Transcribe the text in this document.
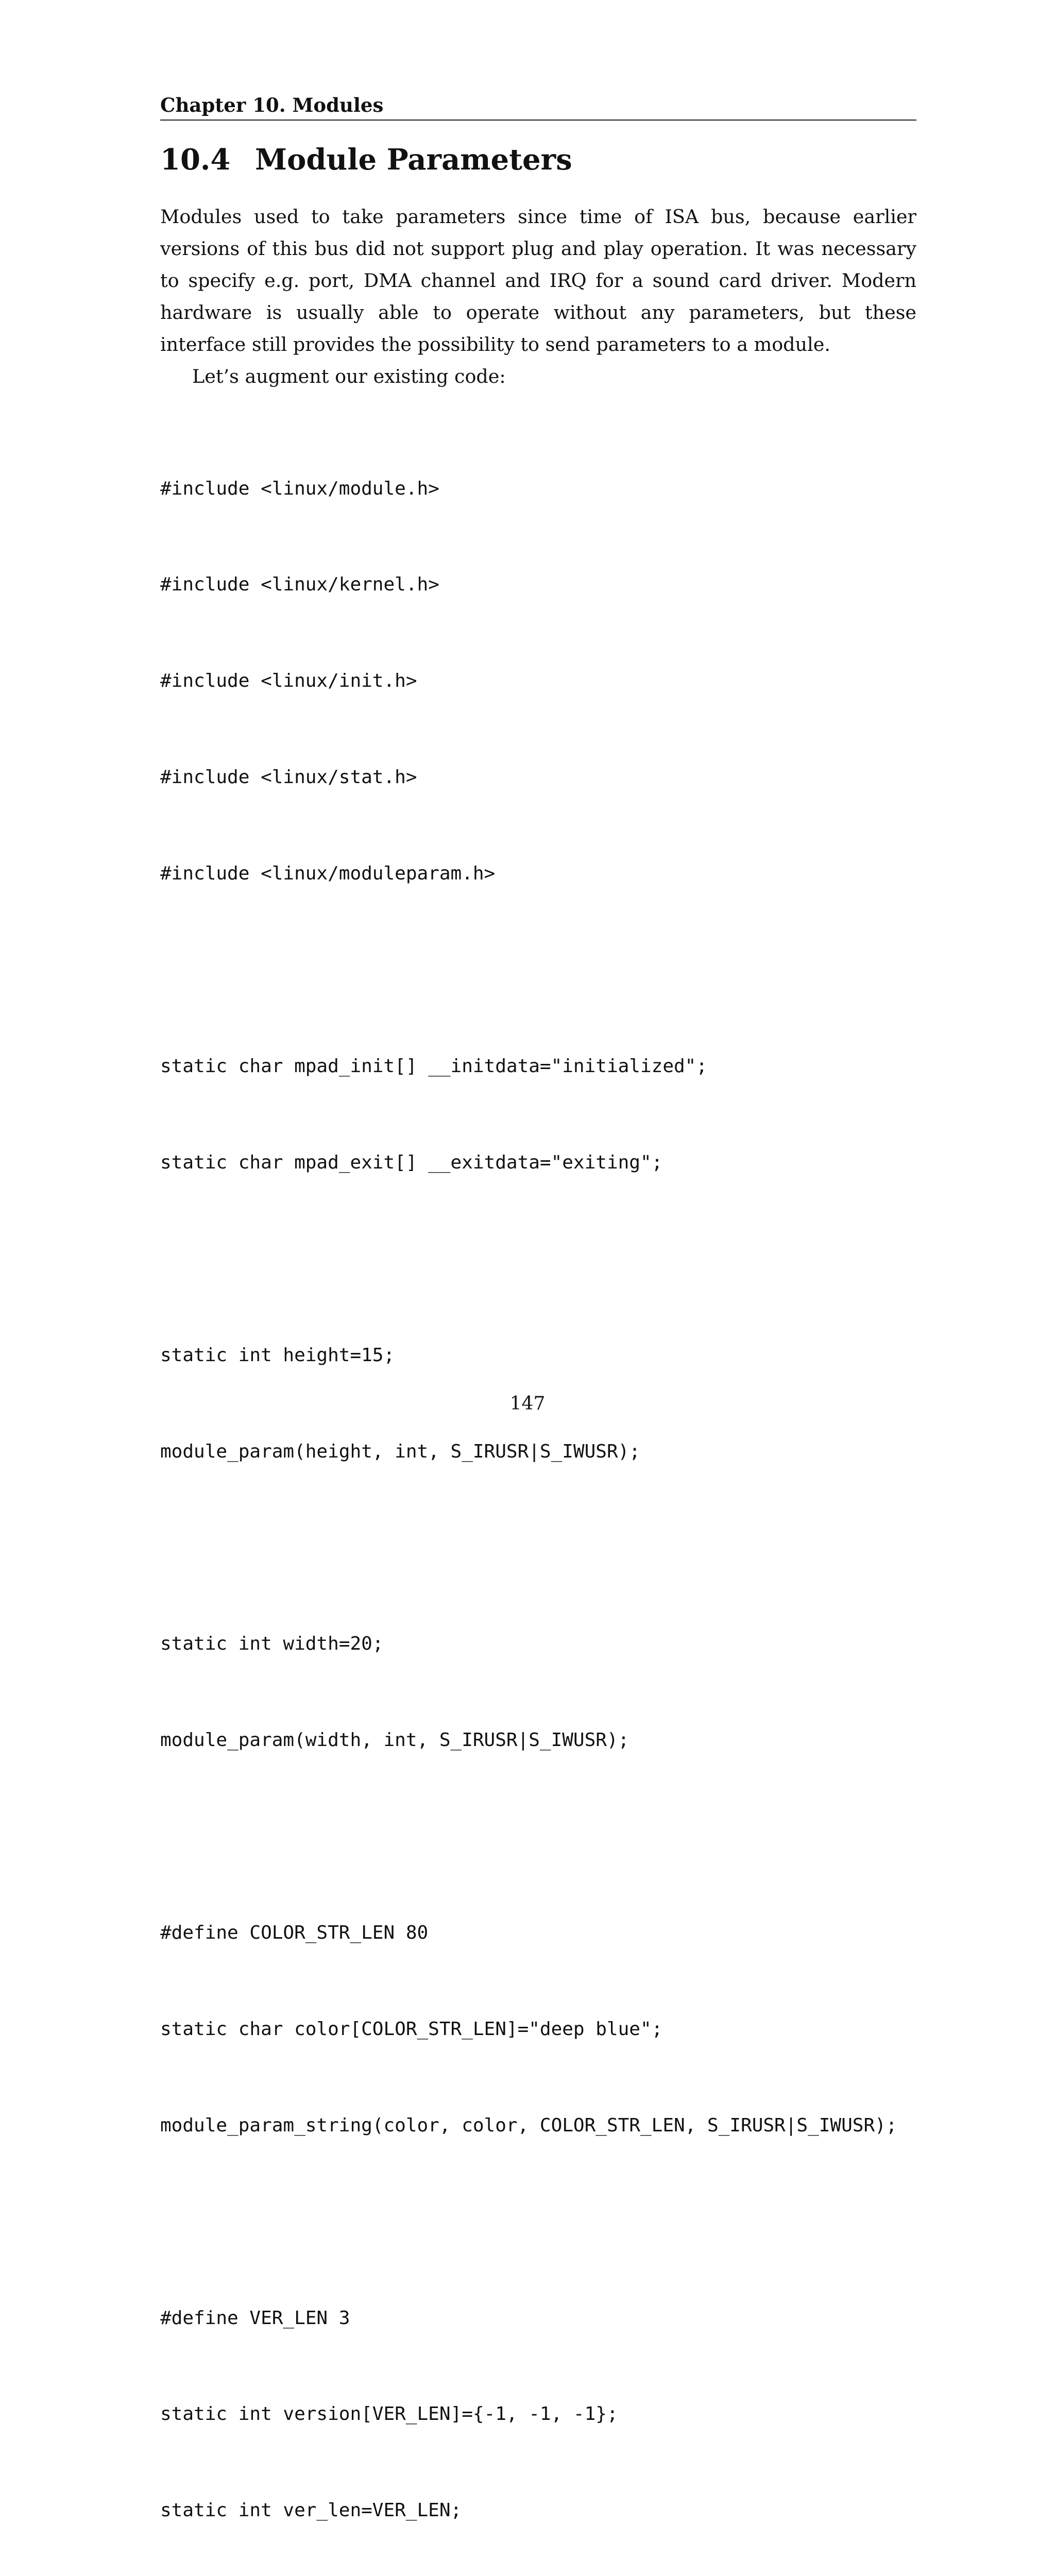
Chapter 10. Modules
10.4 Module Parameters

Modules used to take parameters since time of ISA bus, because earlier versions of this bus did not support plug and play operation. It was necessary to specify e.g. port, DMA channel and IRQ for a sound card driver. Modern hardware is usually able to operate without any parameters, but these interface still provides the possibility to send parameters to a module.

Let’s augment our existing code:

#include <linux/module.h>

#include <linux/kernel.h>

#include <linux/init.h>

#include <linux/stat.h>

#include <linux/moduleparam.h>

static char mpad_init[] __initdata="initialized";

static char mpad_exit[] __exitdata="exiting";

static int height=15;

module_param(height, int, S_IRUSR|S_IWUSR);

static int width=20;

module_param(width, int, S_IRUSR|S_IWUSR);

#define COLOR_STR_LEN 80

static char color[COLOR_STR_LEN]="deep blue";

module_param_string(color, color, COLOR_STR_LEN, S_IRUSR|S_IWUSR);

#define VER_LEN 3

static int version[VER_LEN]={-1, -1, -1};

static int ver_len=VER_LEN;

147
